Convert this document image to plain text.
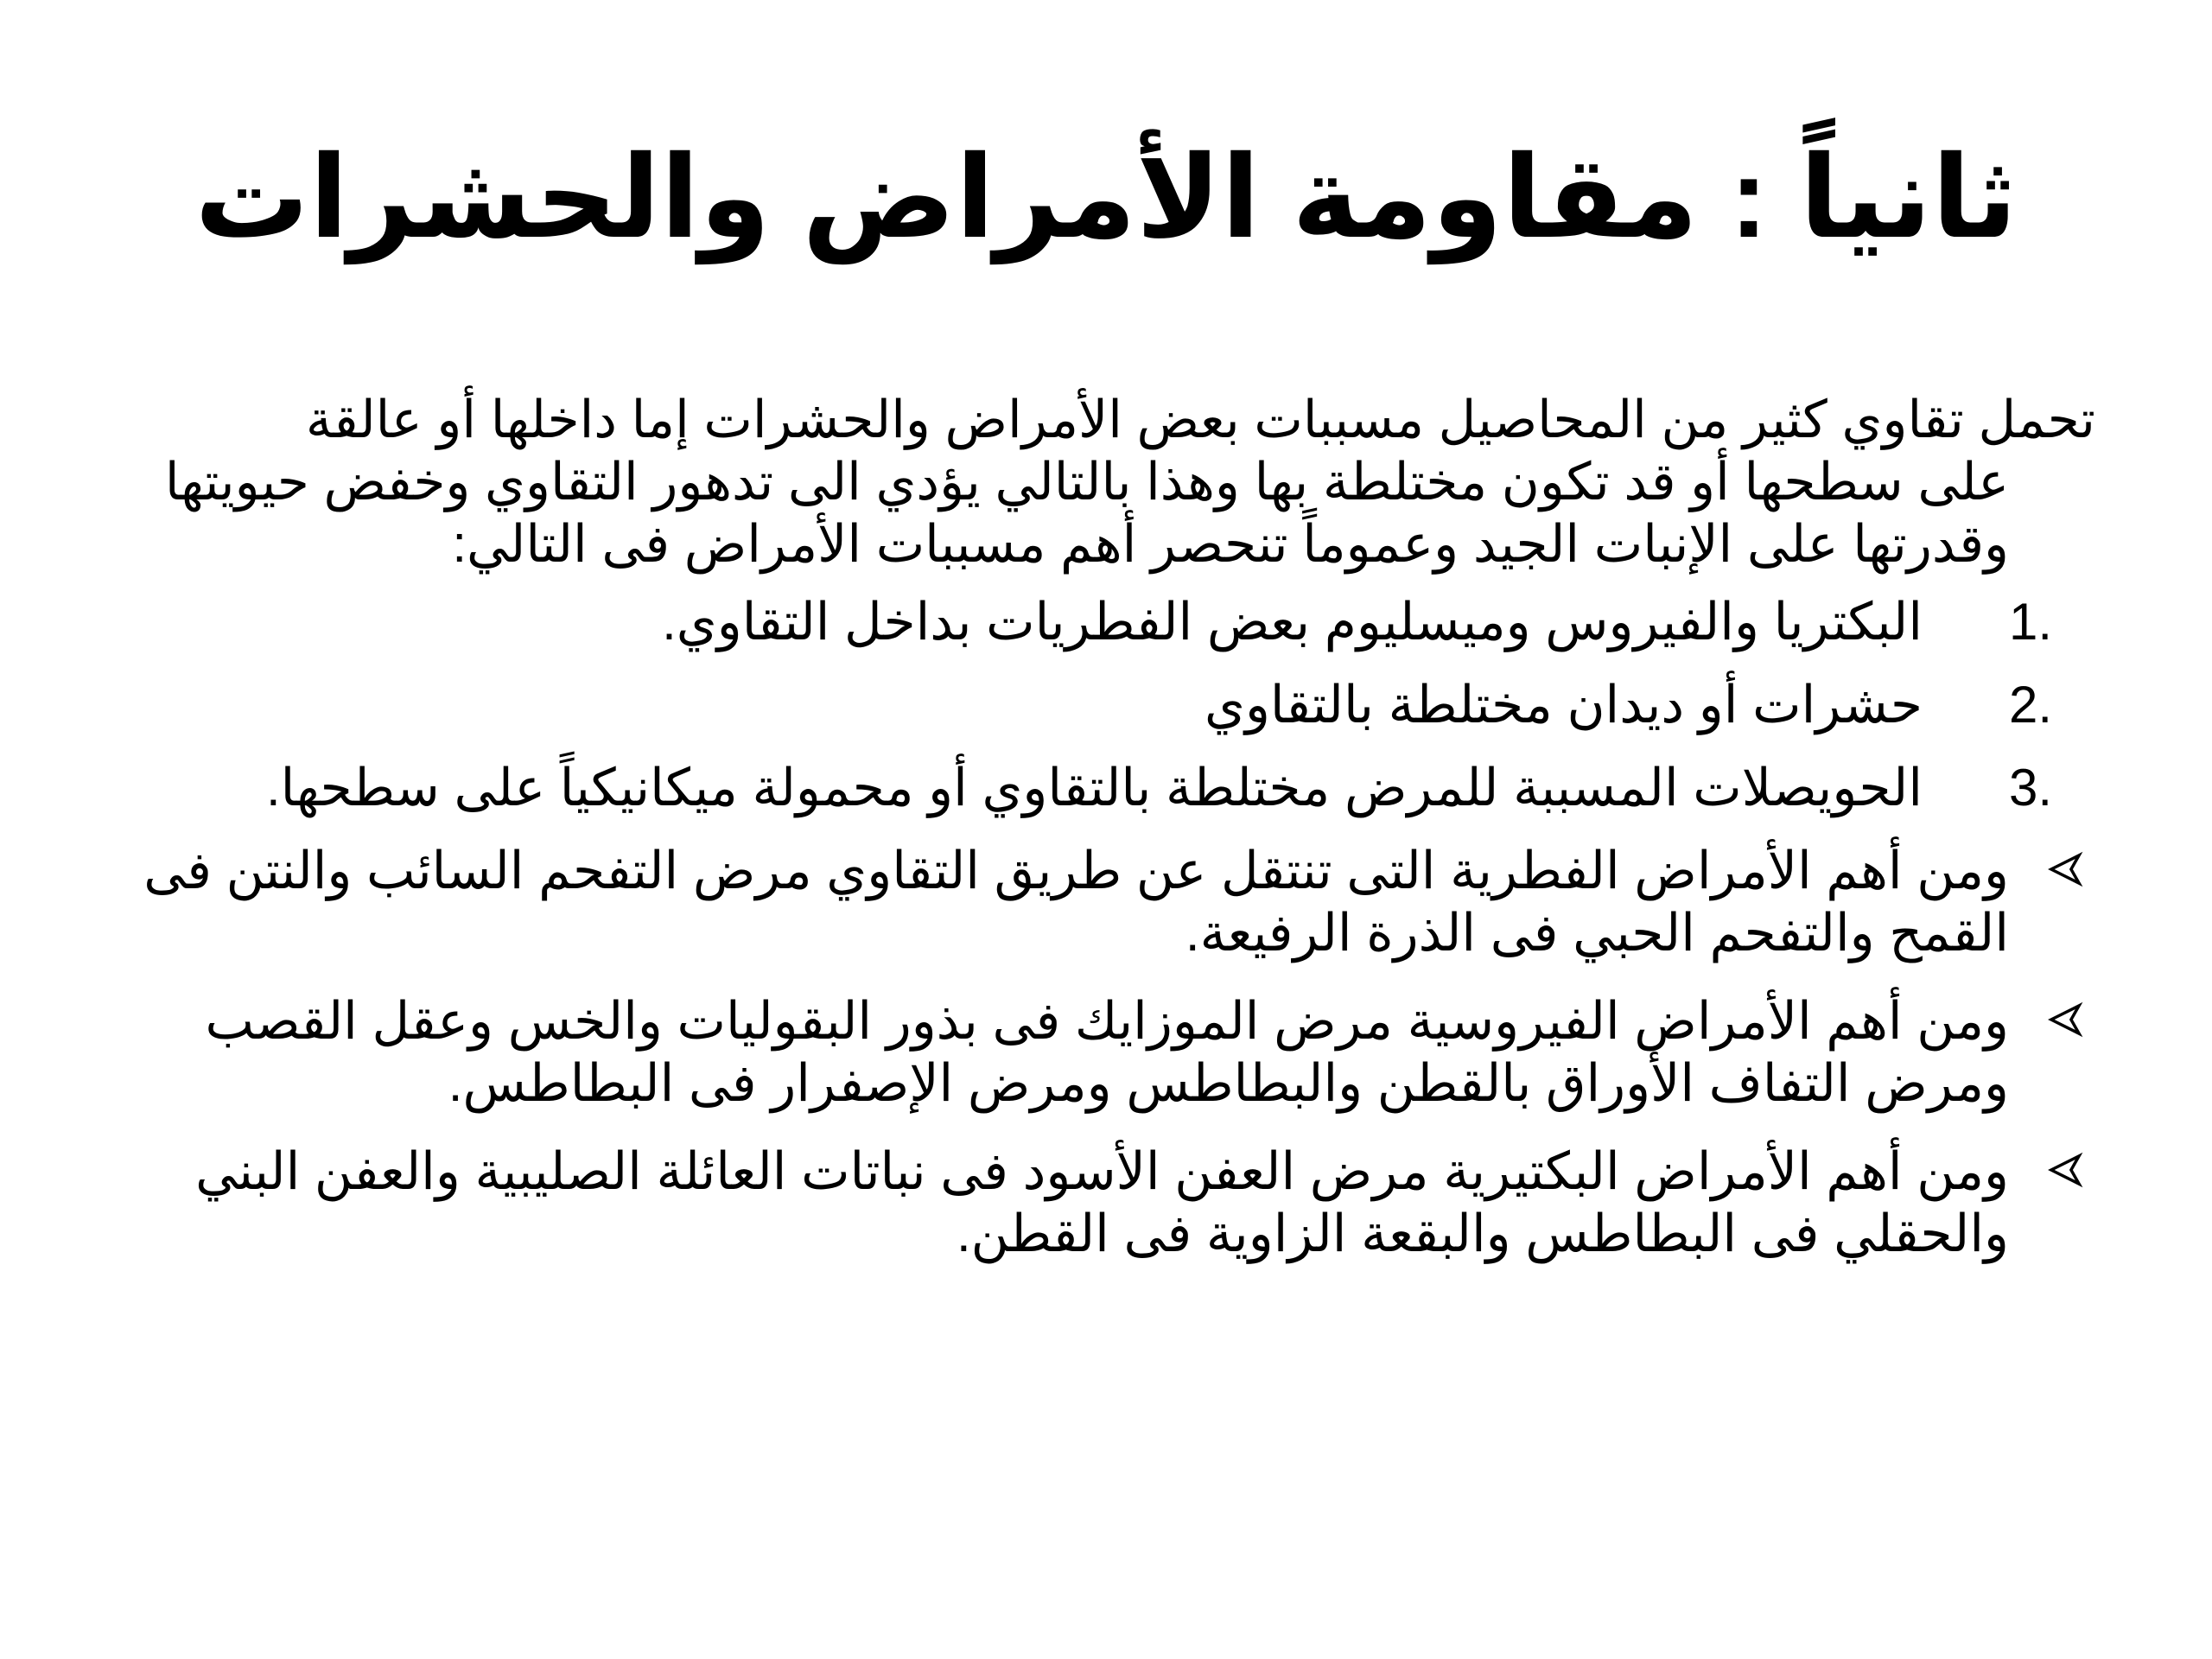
ثانياً : مقاومة الأمراض والحشرات

تحمل تقاوي كثير من المحاصيل مسببات بعض الأمراض والحشرات إما داخلها أو عالقة
على سطحها أو قد تكون مختلطة بها وهذا بالتالي يؤدي الى تدهور التقاوي وخفض حيويتها وقدرتها على الإنبات الجيد وعموماً تنحصر أهم مسببات الأمراض فى التالي:

1.
البكتريا والفيروس وميسليوم بعض الفطريات بداخل التقاوي.
2.
حشرات أو ديدان مختلطة بالتقاوي
3.
الحويصلات المسببة للمرض مختلطة بالتقاوي أو محمولة ميكانيكياً على سطحها.
ومن أهم الأمراض الفطرية التى تنتقل عن طريق التقاوي مرض التفحم السائب والنتن فى القمح والتفحم الحبي فى الذرة الرفيعة.
ومن أهم الأمراض الفيروسية مرض الموزايك فى بذور البقوليات والخس وعقل القصب ومرض التفاف الأوراق بالقطن والبطاطس ومرض الإصفرار فى البطاطس.
ومن أهم الأمراض البكتيرية مرض العفن الأسود فى نباتات العائلة الصليبية والعفن البني والحقلي فى البطاطس والبقعة الزاوية فى القطن.
